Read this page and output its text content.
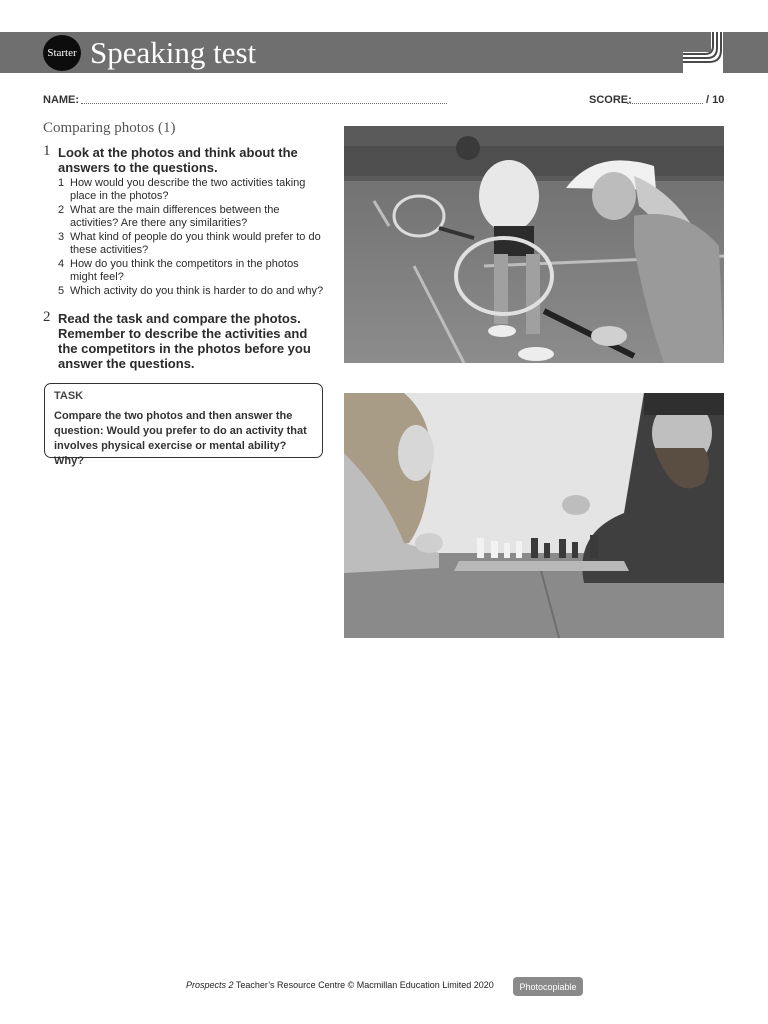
Starter Speaking test
NAME:	SCORE:	/ 10
Comparing photos (1)
1 Look at the photos and think about the answers to the questions.
1 How would you describe the two activities taking place in the photos?
2 What are the main differences between the activities? Are there any similarities?
3 What kind of people do you think would prefer to do these activities?
4 How do you think the competitors in the photos might feel?
5 Which activity do you think is harder to do and why?
2 Read the task and compare the photos. Remember to describe the activities and the competitors in the photos before you answer the questions.
TASK
Compare the two photos and then answer the question: Would you prefer to do an activity that involves physical exercise or mental ability? Why?
Prospects 2 Teacher’s Resource Centre © Macmillan Education Limited 2020	Photocopiable
